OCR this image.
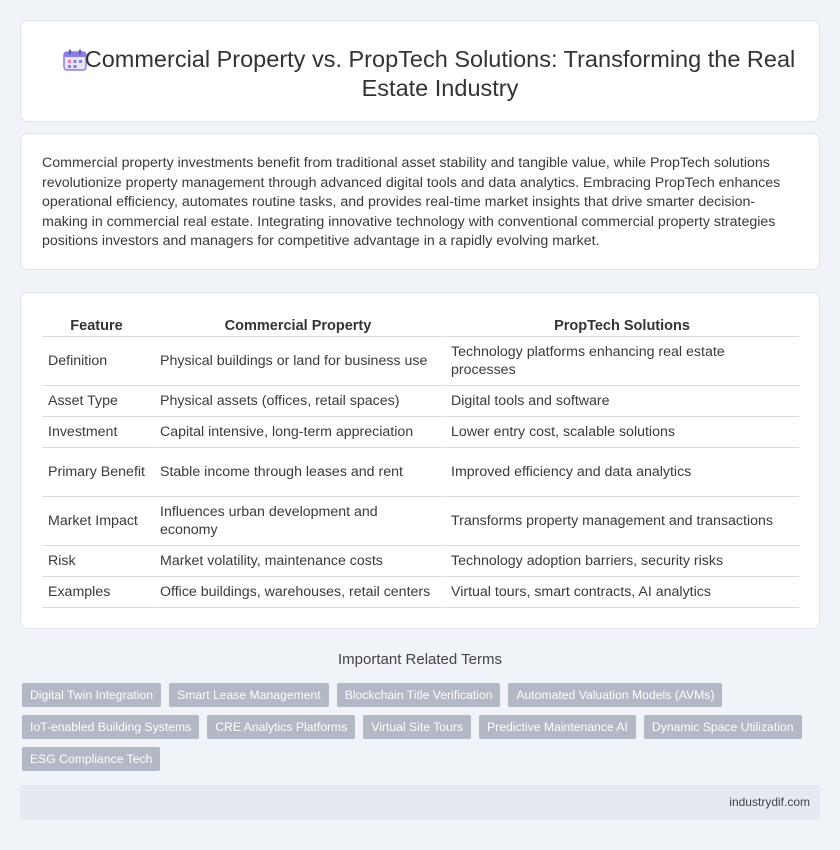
Commercial Property vs. PropTech Solutions: Transforming the Real Estate Industry

Commercial property investments benefit from traditional asset stability and tangible value, while PropTech solutions revolutionize property management through advanced digital tools and data analytics. Embracing PropTech enhances operational efficiency, automates routine tasks, and provides real-time market insights that drive smarter decision-making in commercial real estate. Integrating innovative technology with conventional commercial property strategies positions investors and managers for competitive advantage in a rapidly evolving market.

Feature	Commercial Property	PropTech Solutions
Definition	Physical buildings or land for business use	Technology platforms enhancing real estate processes
Asset Type	Physical assets (offices, retail spaces)	Digital tools and software
Investment	Capital intensive, long-term appreciation	Lower entry cost, scalable solutions
Primary Benefit	Stable income through leases and rent	Improved efficiency and data analytics
Market Impact	Influences urban development and economy	Transforms property management and transactions
Risk	Market volatility, maintenance costs	Technology adoption barriers, security risks
Examples	Office buildings, warehouses, retail centers	Virtual tours, smart contracts, AI analytics
Important Related Terms
Digital Twin Integration	Smart Lease Management	Blockchain Title Verification	Automated Valuation Models (AVMs)
IoT-enabled Building Systems	CRE Analytics Platforms	Virtual Site Tours	Predictive Maintenance AI	Dynamic Space Utilization
ESG Compliance Tech
industrydif.com
